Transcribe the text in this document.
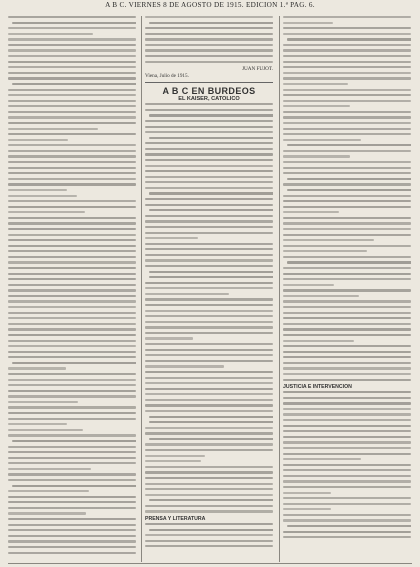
A B C. VIERNES 8 DE AGOSTO DE 1915. EDICION 1.ª PAG. 6.
JUAN FUJOT.
Viena, Julio de 1915.
A B C EN BURDEOS
EL KAISER, CATOLICO
PRENSA Y LITERATURA
JUSTICIA E INTERVENCION
